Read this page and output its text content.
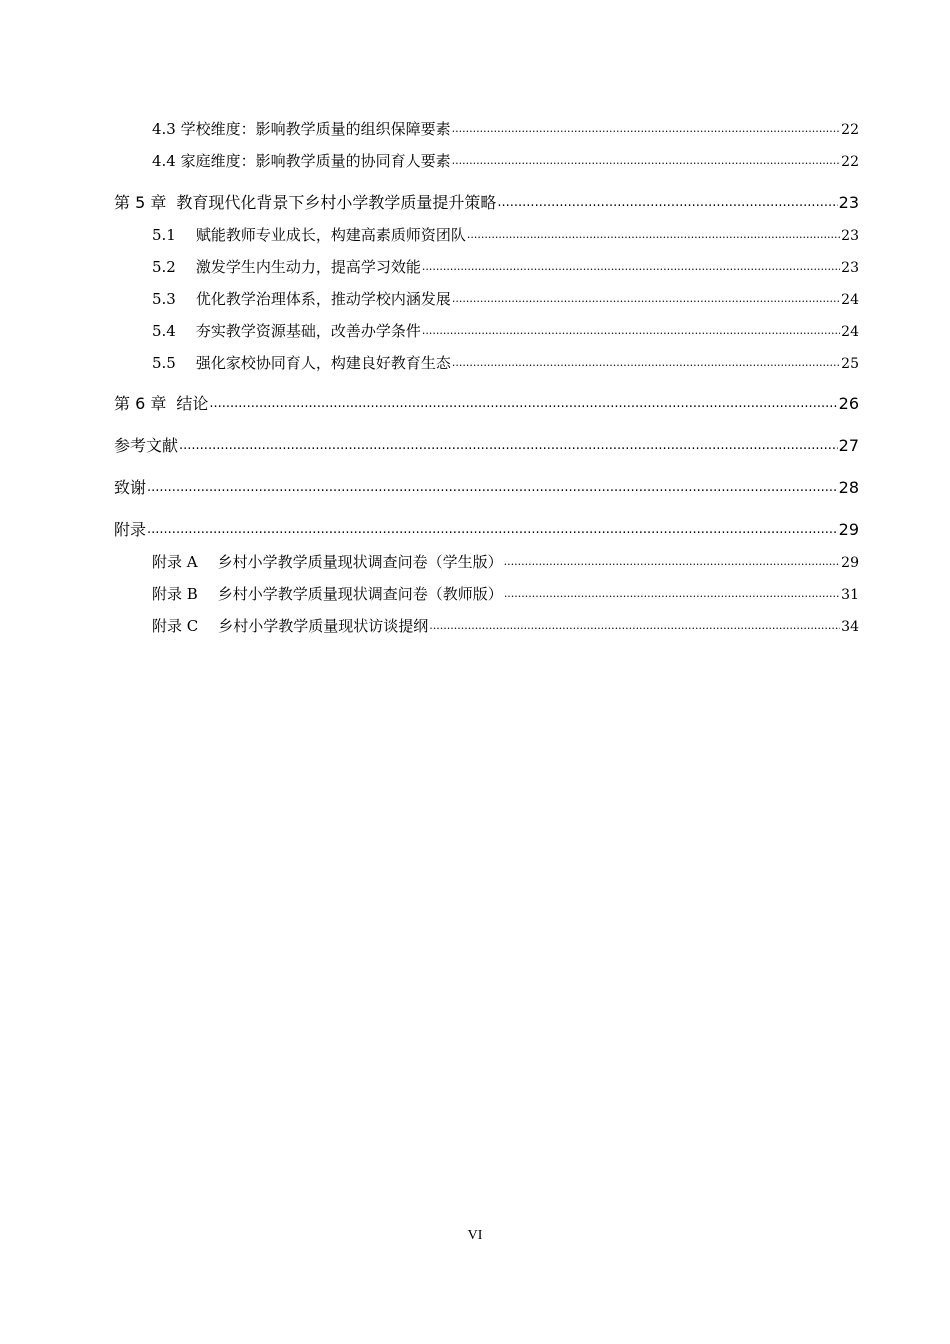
4.3 学校维度：影响教学质量的组织保障要素 .....	22
4.4 家庭维度：影响教学质量的协同育人要素 .....	22
第 5 章 教育现代化背景下乡村小学教学质量提升策略 .....	23
5.1 赋能教师专业成长，构建高素质师资团队 .....	23
5.2 激发学生内生动力，提高学习效能 .....	23
5.3 优化教学治理体系，推动学校内涵发展 .....	24
5.4 夯实教学资源基础，改善办学条件 .....	24
5.5 强化家校协同育人，构建良好教育生态 .....	25
第 6 章 结论 .....	26
参考文献 .....	27
致谢 .....	28
附录 .....	29
附录 A 乡村小学教学质量现状调查问卷（学生版） .....	29
附录 B 乡村小学教学质量现状调查问卷（教师版） .....	31
附录 C 乡村小学教学质量现状访谈提纲 .....	34
VI
